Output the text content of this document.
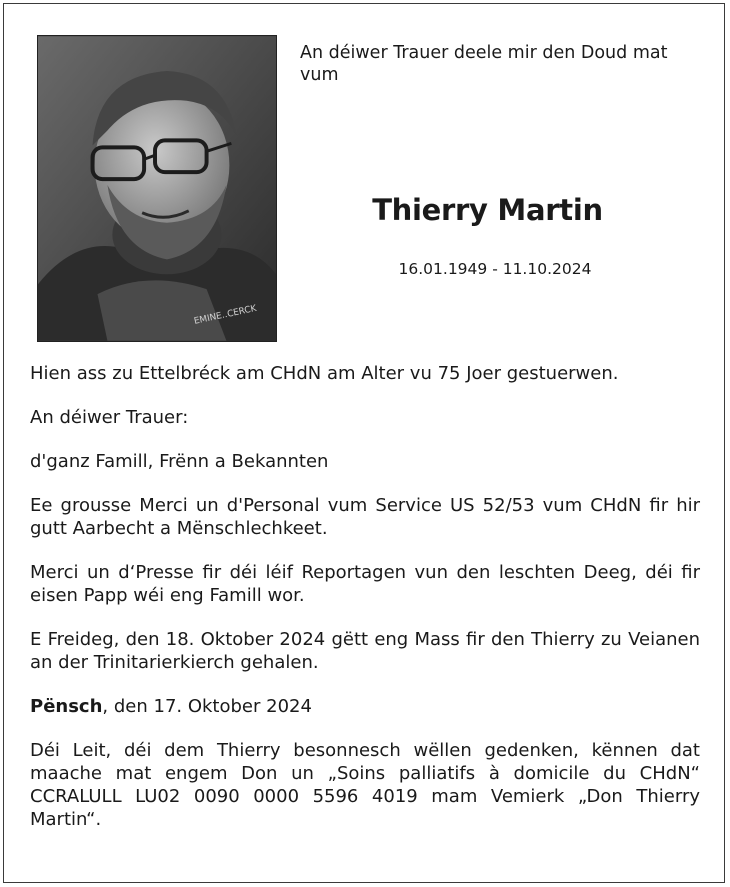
EMINE..CERCK
An déiwer Trauer deele mir den Doud mat vum
Thierry Martin
16.01.1949 - 11.10.2024

Hien ass zu Ettelbréck am CHdN am Alter vu 75 Joer gestuerwen.

An déiwer Trauer:

d'ganz Famill, Frënn a Bekannten

Ee grousse Merci un d'Personal vum Service US 52/53 vum CHdN fir hir gutt Aarbecht a Mënschlechkeet.

Merci un d‘Presse fir déi léif Reportagen vun den leschten Deeg, déi fir eisen Papp wéi eng Famill wor.

E Freideg, den 18. Oktober 2024 gëtt eng Mass fir den Thierry zu Veianen an der Trinitarierkierch gehalen.

Pënsch, den 17. Oktober 2024

Déi Leit, déi dem Thierry besonnesch wëllen gedenken, kënnen dat maache mat engem Don un „Soins palliatifs à domicile du CHdN“ CCRALULL LU02 0090 0000 5596 4019 mam Vemierk „Don Thierry Martin“.
